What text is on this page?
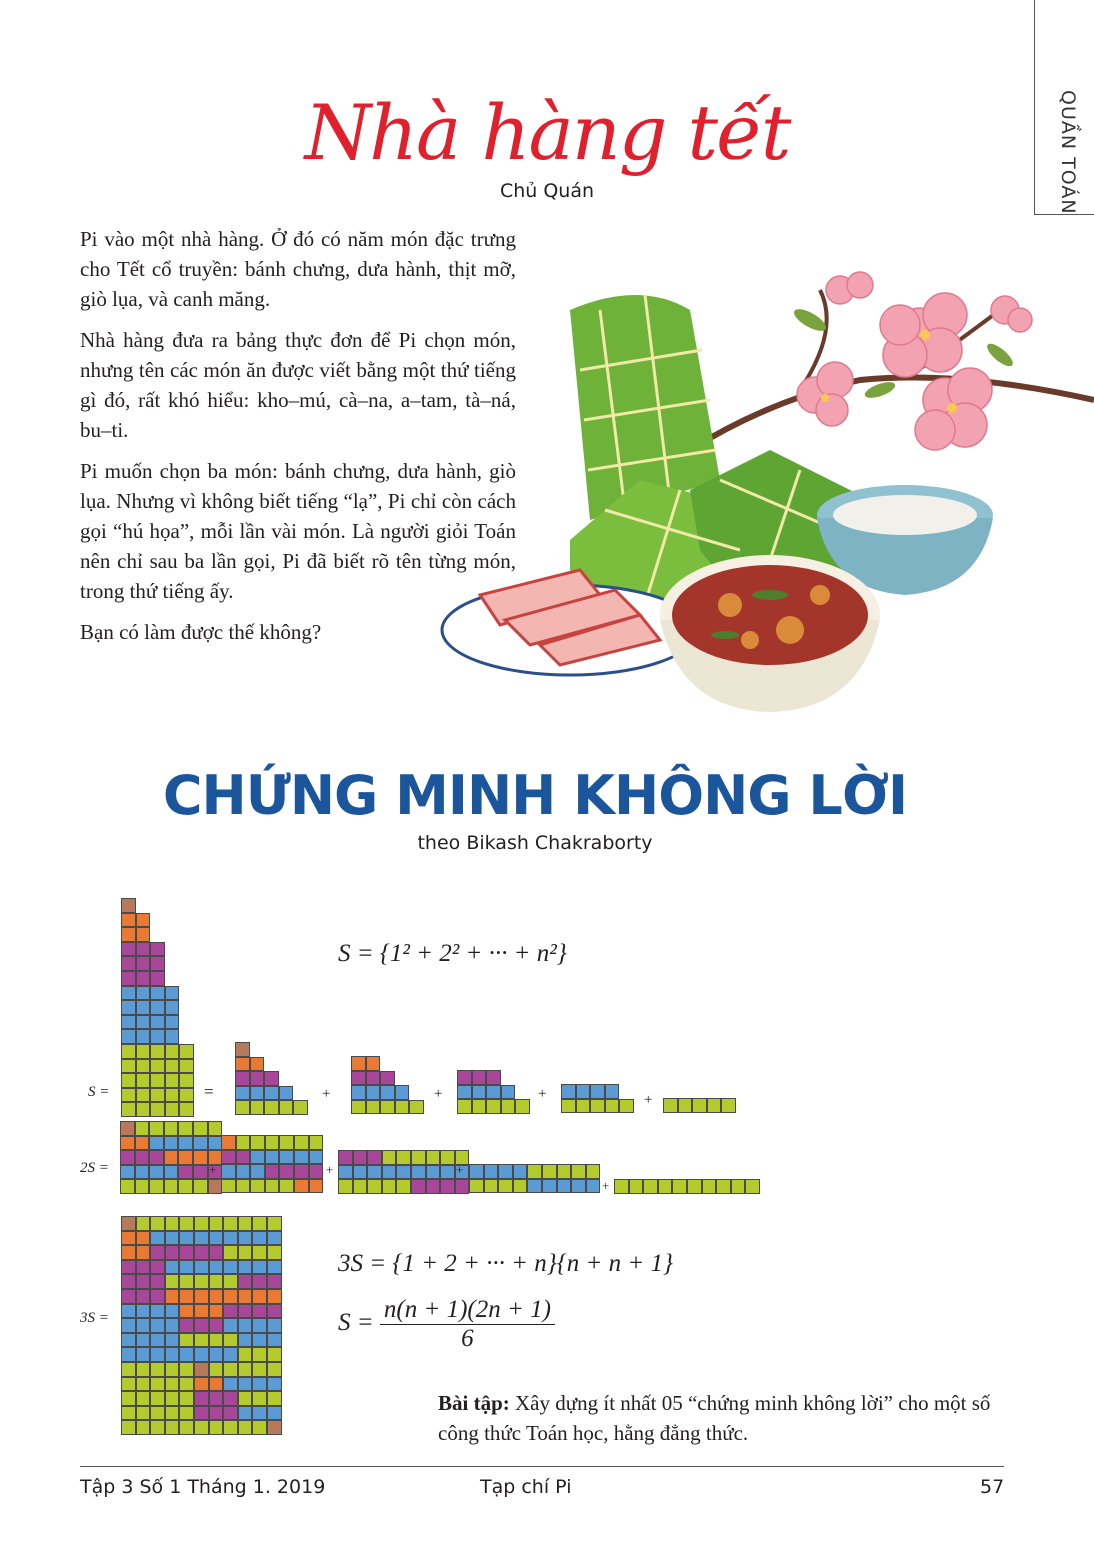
QUẦN TOÁN
Nhà hàng tết
Chủ Quán

Pi vào một nhà hàng. Ở đó có năm món đặc trưng cho Tết cổ truyền: bánh chưng, dưa hành, thịt mỡ, giò lụa, và canh măng.

Nhà hàng đưa ra bảng thực đơn để Pi chọn món, nhưng tên các món ăn được viết bằng một thứ tiếng gì đó, rất khó hiểu: kho–mú, cà–na, a–tam, tà–ná, bu–ti.

Pi muốn chọn ba món: bánh chưng, dưa hành, giò lụa. Nhưng vì không biết tiếng “lạ”, Pi chỉ còn cách gọi “hú họa”, mỗi lần vài món. Là người giỏi Toán nên chỉ sau ba lần gọi, Pi đã biết rõ tên từng món, trong thứ tiếng ấy.

Bạn có làm được thế không?

CHỨNG MINH KHÔNG LỜI
theo Bikash Chakraborty
S = {1² + 2² + ··· + n²}
S =	=	+	+	+	+
2S =	+	+	+
+
3S =
3S = {1 + 2 + ··· + n}{n + n + 1}
$S = \frac{n(n + 1)(2n + 1)}{6}$
Bài tập: Xây dựng ít nhất 05 “chứng minh không lời” cho một số công thức Toán học, hằng đẳng thức.
Tập 3 Số 1 Tháng 1. 2019	Tạp chí Pi	57
